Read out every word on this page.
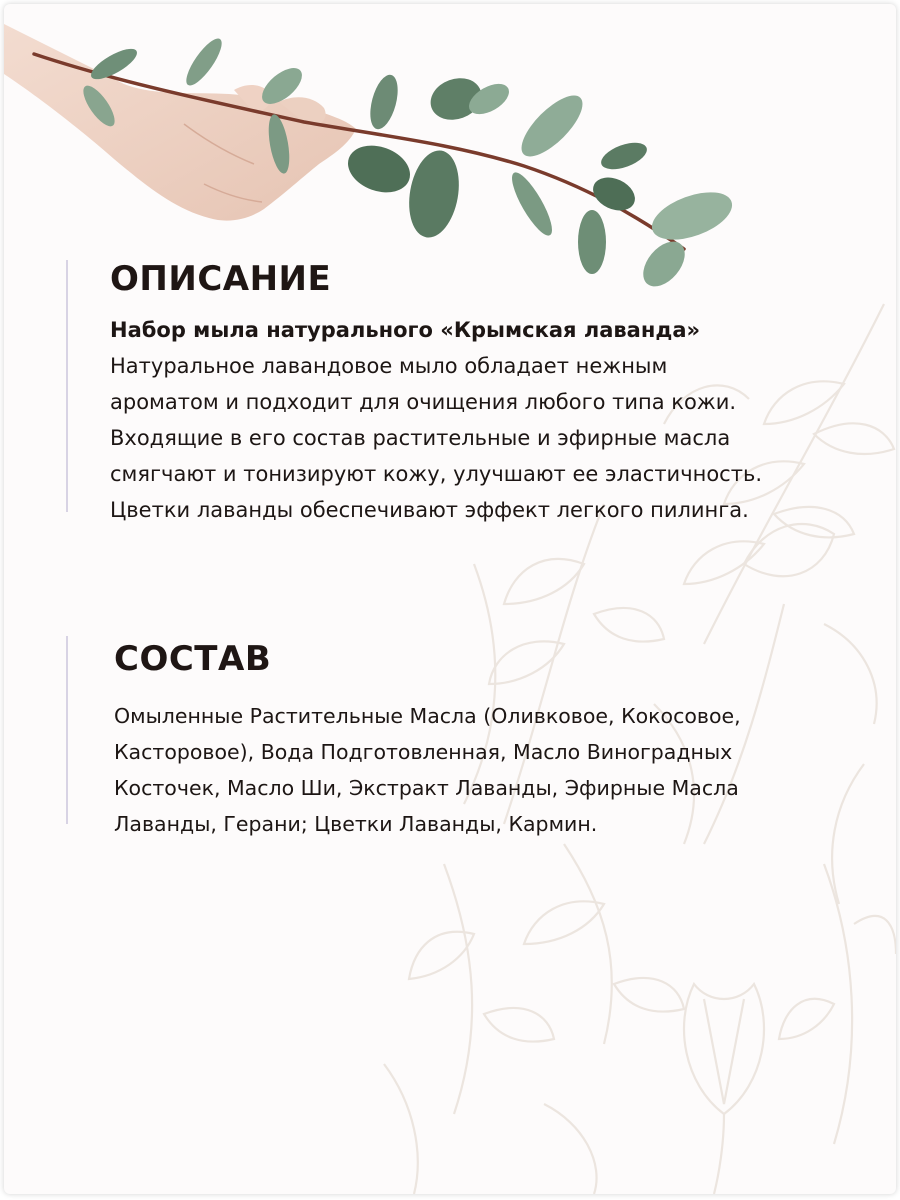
ОПИСАНИЕ

Набор мыла натурального «Крымская лаванда»

Натуральное лавандовое мыло обладает нежным

ароматом и подходит для очищения любого типа кожи.

Входящие в его состав растительные и эфирные масла

смягчают и тонизируют кожу, улучшают ее эластичность.

Цветки лаванды обеспечивают эффект легкого пилинга.

СОСТАВ
Омыленные Растительные Масла (Оливковое, Кокосовое,
Касторовое), Вода Подготовленная, Масло Виноградных
Косточек, Масло Ши, Экстракт Лаванды, Эфирные Масла
Лаванды, Герани; Цветки Лаванды, Кармин.
